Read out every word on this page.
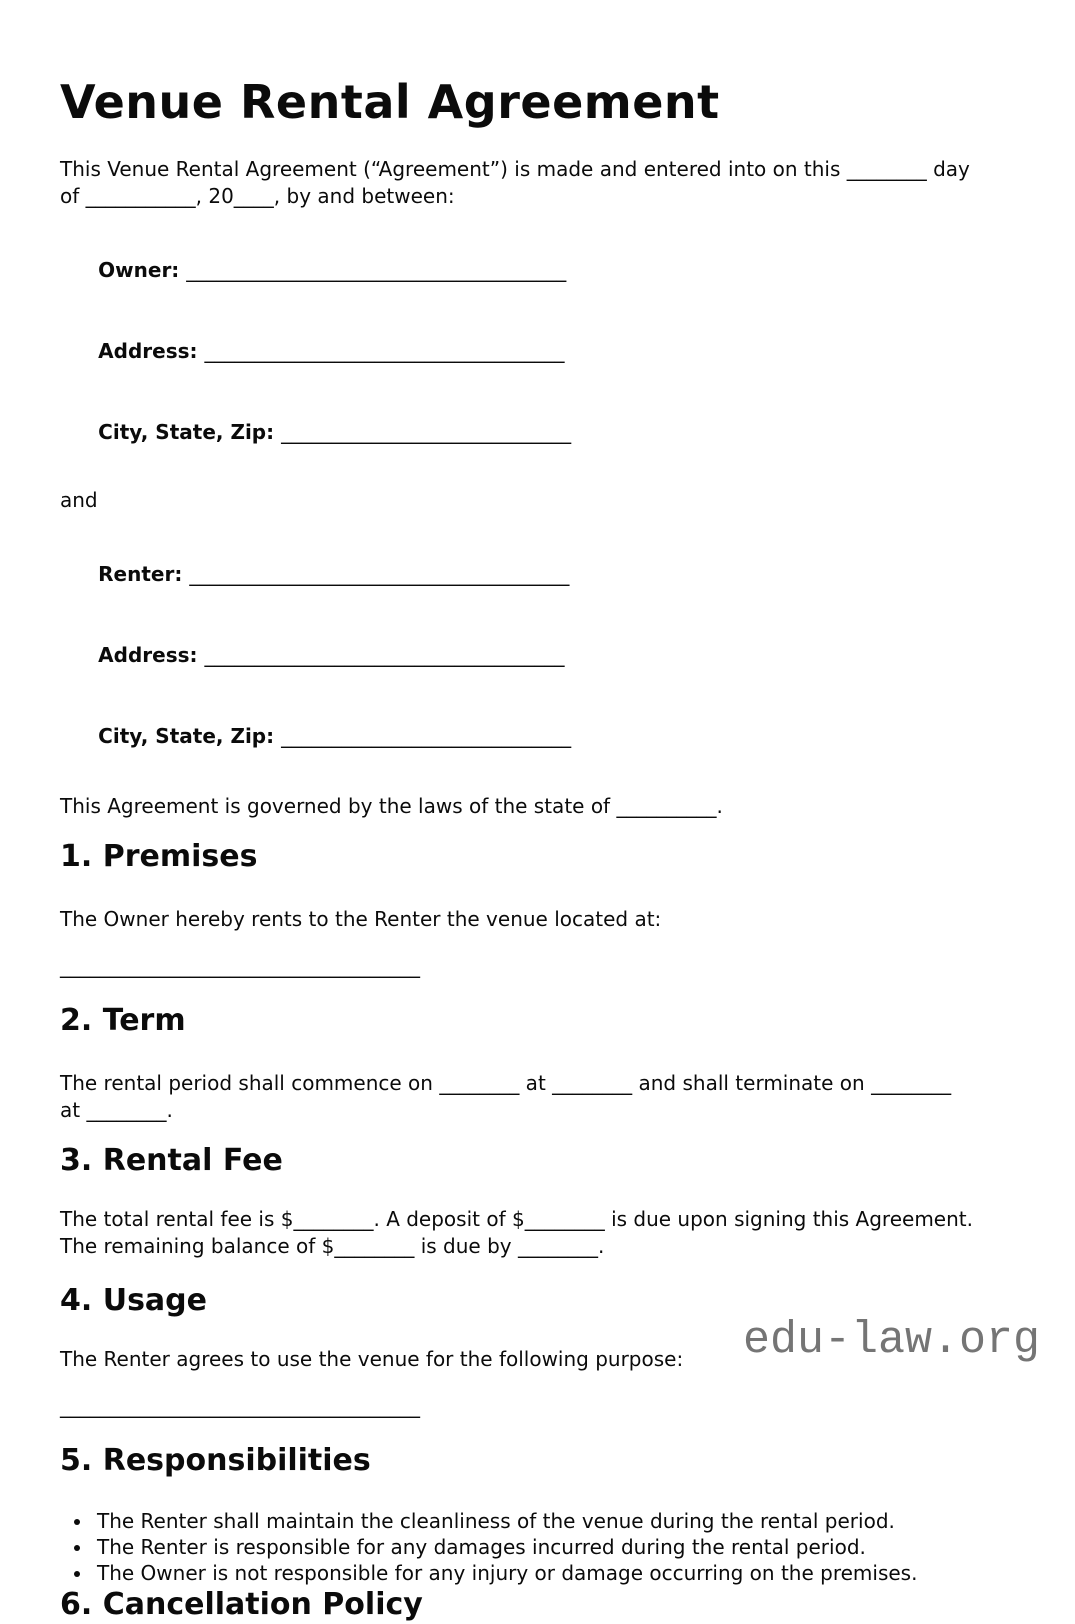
Venue Rental Agreement
This Venue Rental Agreement (“Agreement”) is made and entered into on this ________ day
of ___________, 20____, by and between:

Owner: ______________________________________

Address: ____________________________________

City, State, Zip: _____________________________

and

Renter: ______________________________________

Address: ____________________________________

City, State, Zip: _____________________________

This Agreement is governed by the laws of the state of __________.
1. Premises
The Owner hereby rents to the Renter the venue located at:
____________________________________
2. Term
The rental period shall commence on ________ at ________ and shall terminate on ________
at ________.
3. Rental Fee
The total rental fee is $________. A deposit of $________ is due upon signing this Agreement.
The remaining balance of $________ is due by ________.
4. Usage
The Renter agrees to use the venue for the following purpose:
____________________________________
5. Responsibilities
• The Renter shall maintain the cleanliness of the venue during the rental period.
• The Renter is responsible for any damages incurred during the rental period.
• The Owner is not responsible for any injury or damage occurring on the premises.
6. Cancellation Policy
edu-law.org
